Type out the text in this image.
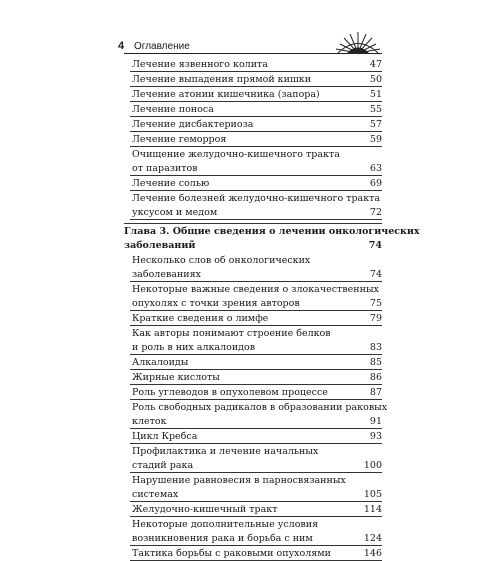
4 Оглавление
Лечение язвенного колита	47
Лечение выпадения прямой кишки	50
Лечение атонии кишечника (запора)	51
Лечение поноса	55
Лечение дисбактериоза	57
Лечение геморроя	59
Очищение желудочно-кишечного тракта
от паразитов	63
Лечение солью	69
Лечение болезней желудочно-кишечного тракта
уксусом и медом	72
Глава 3. Общие сведения о лечении онкологических
заболеваний	74
Несколько слов об онкологических
заболеваниях	74
Некоторые важные сведения о злокачественных
опухолях с точки зрения авторов	75
Краткие сведения о лимфе	79
Как авторы понимают строение белков
и роль в них алкалоидов	83
Алкалоиды	85
Жирные кислоты	86
Роль углеводов в опухолевом процессе	87
Роль свободных радикалов в образовании раковых
клеток	91
Цикл Кребса	93
Профилактика и лечение начальных
стадий рака	100
Нарушение равновесия в парносвязанных
системах	105
Желудочно-кишечный тракт	114
Некоторые дополнительные условия
возникновения рака и борьба с ним	124
Тактика борьбы с раковыми опухолями	146
